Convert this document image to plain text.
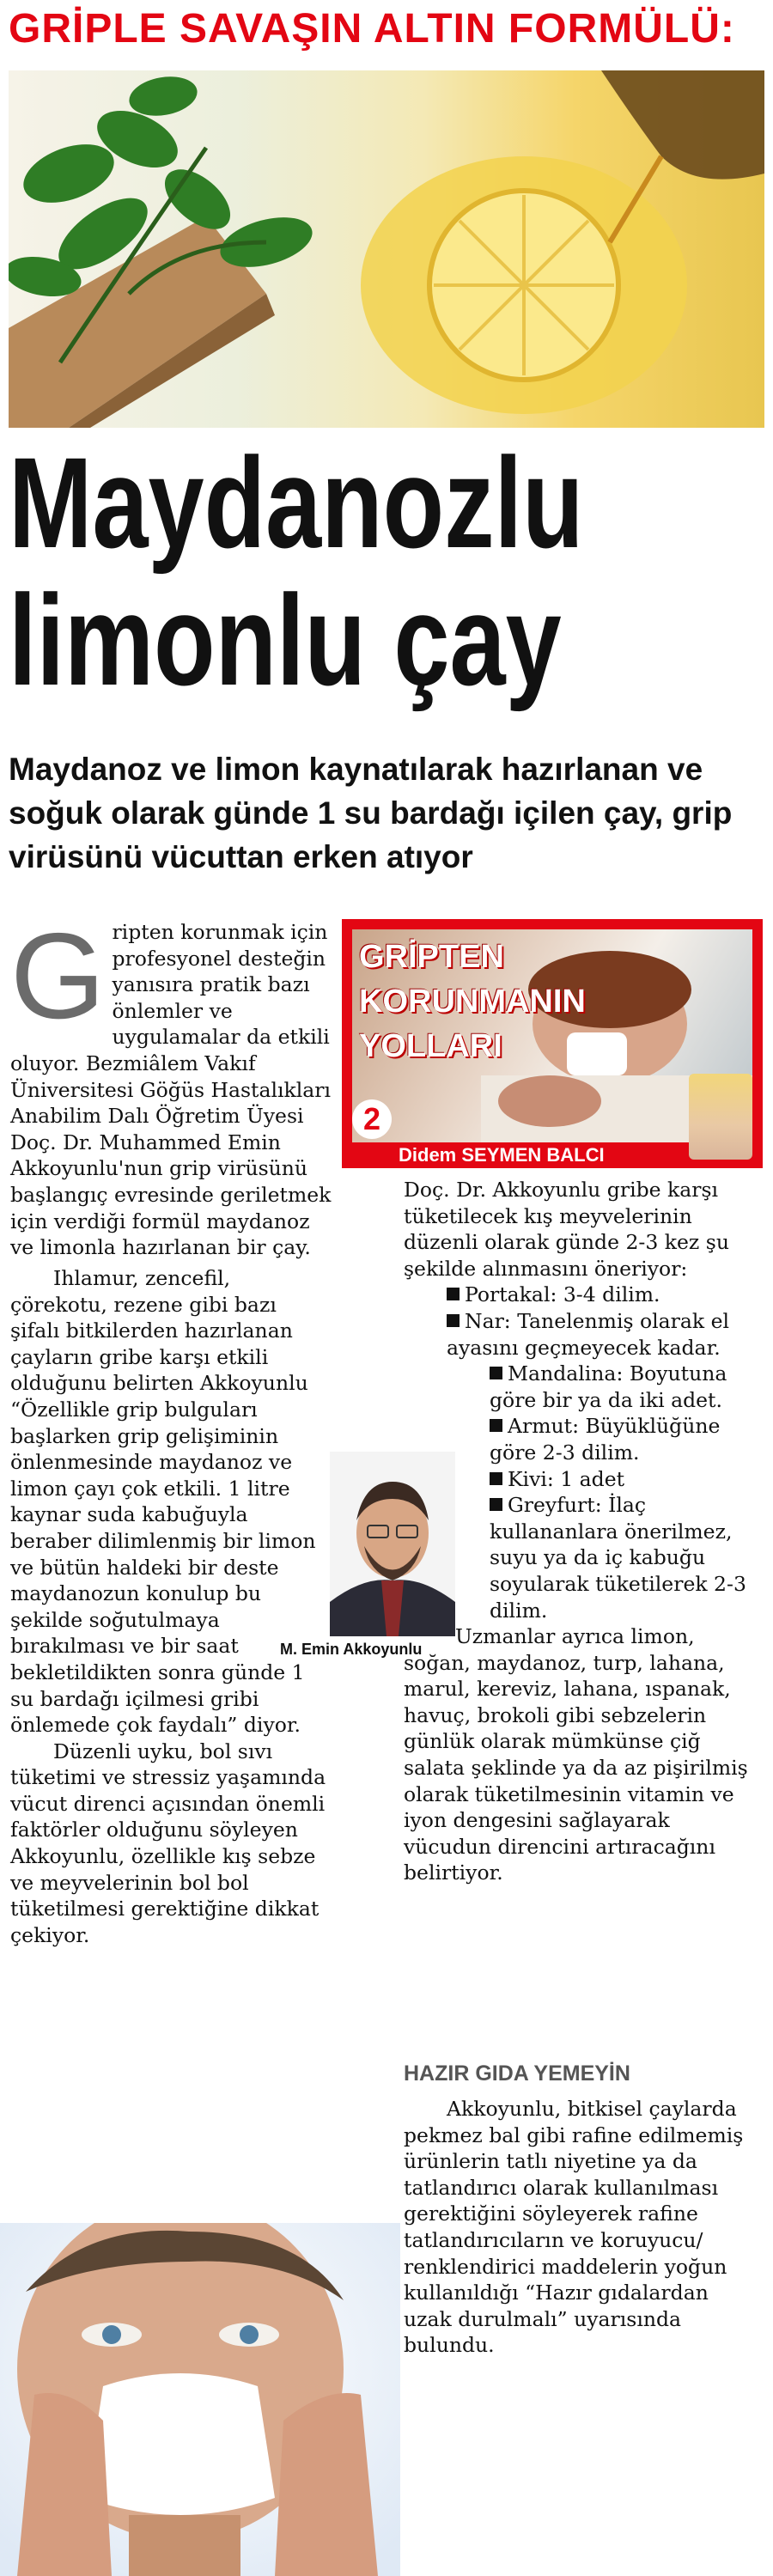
GRİPLE SAVAŞIN ALTIN FORMÜLÜ:
Maydanozlu
limonlu çay
Maydanoz ve limon kaynatılarak hazırlanan ve soğuk olarak günde 1 su bardağı içilen çay, grip virüsünü vücuttan erken atıyor
GRİPTEN
KORUNMANIN
YOLLARI
2
Didem SEYMEN BALCI

Gripten korunmak için profesyonel desteğin yanısıra pratik bazı önlemler ve uygulamalar da etkili oluyor. Bezmiâlem Vakıf Üniversitesi Göğüs Hastalıkları Anabilim Dalı Öğretim Üyesi Doç. Dr. Muhammed Emin Akkoyunlu'nun grip virüsünü başlangıç evresinde geriletmek için verdiği formül maydanoz ve limonla hazırlanan bir çay.

Ihlamur, zencefil, çörekotu, rezene gibi bazı şifalı bitkilerden hazırlanan çayların gribe karşı etkili olduğunu belirten Akkoyunlu “Özellikle grip bulguları başlarken grip gelişiminin önlenmesinde maydanoz ve limon çayı çok etkili. 1 litre kaynar suda kabuğuyla beraber dilimlenmiş bir limon ve bütün haldeki bir deste maydanozun konulup bu şekilde soğutulmaya bırakılması ve bir saat bekletildikten sonra günde 1 su bardağı içilmesi gribi önlemede çok faydalı” diyor.

Düzenli uyku, bol sıvı tüketimi ve stressiz yaşamında vücut direnci açısından önemli faktörler olduğunu söyleyen Akkoyunlu, özellikle kış sebze ve meyvelerinin bol bol tüketilmesi gerektiğine dikkat çekiyor.

M. Emin Akkoyunlu

Doç. Dr. Akkoyunlu gribe karşı tüketilecek kış meyvelerinin düzenli olarak günde 2-3 kez şu şekilde alınmasını öneriyor:

Portakal: 3-4 dilim.

Nar: Tanelenmiş olarak el ayasını geçmeyecek kadar.

Mandalina: Boyutuna göre bir ya da iki adet.

Armut: Büyüklüğüne göre 2-3 dilim.

Kivi: 1 adet

Greyfurt: İlaç kullananlara önerilmez, suyu ya da iç kabuğu soyularak tüketilerek 2-3 dilim.

Uzmanlar ayrıca limon, soğan, maydanoz, turp, lahana, marul, kereviz, lahana, ıspanak, havuç, brokoli gibi sebzelerin günlük olarak mümkünse çiğ salata şeklinde ya da az pişirilmiş olarak tüketilmesinin vitamin ve iyon dengesini sağlayarak vücudun direncini artıracağını belirtiyor.

HAZIR GIDA YEMEYİN

Akkoyunlu, bitkisel çaylarda pekmez bal gibi rafine edilmemiş ürünlerin tatlı niyetine ya da tatlandırıcı olarak kullanılması gerektiğini söyleyerek rafine tatlandırıcıların ve koruyucu/ renklendirici maddelerin yoğun kullanıldığı “Hazır gıdalardan uzak durulmalı” uyarısında bulundu.
